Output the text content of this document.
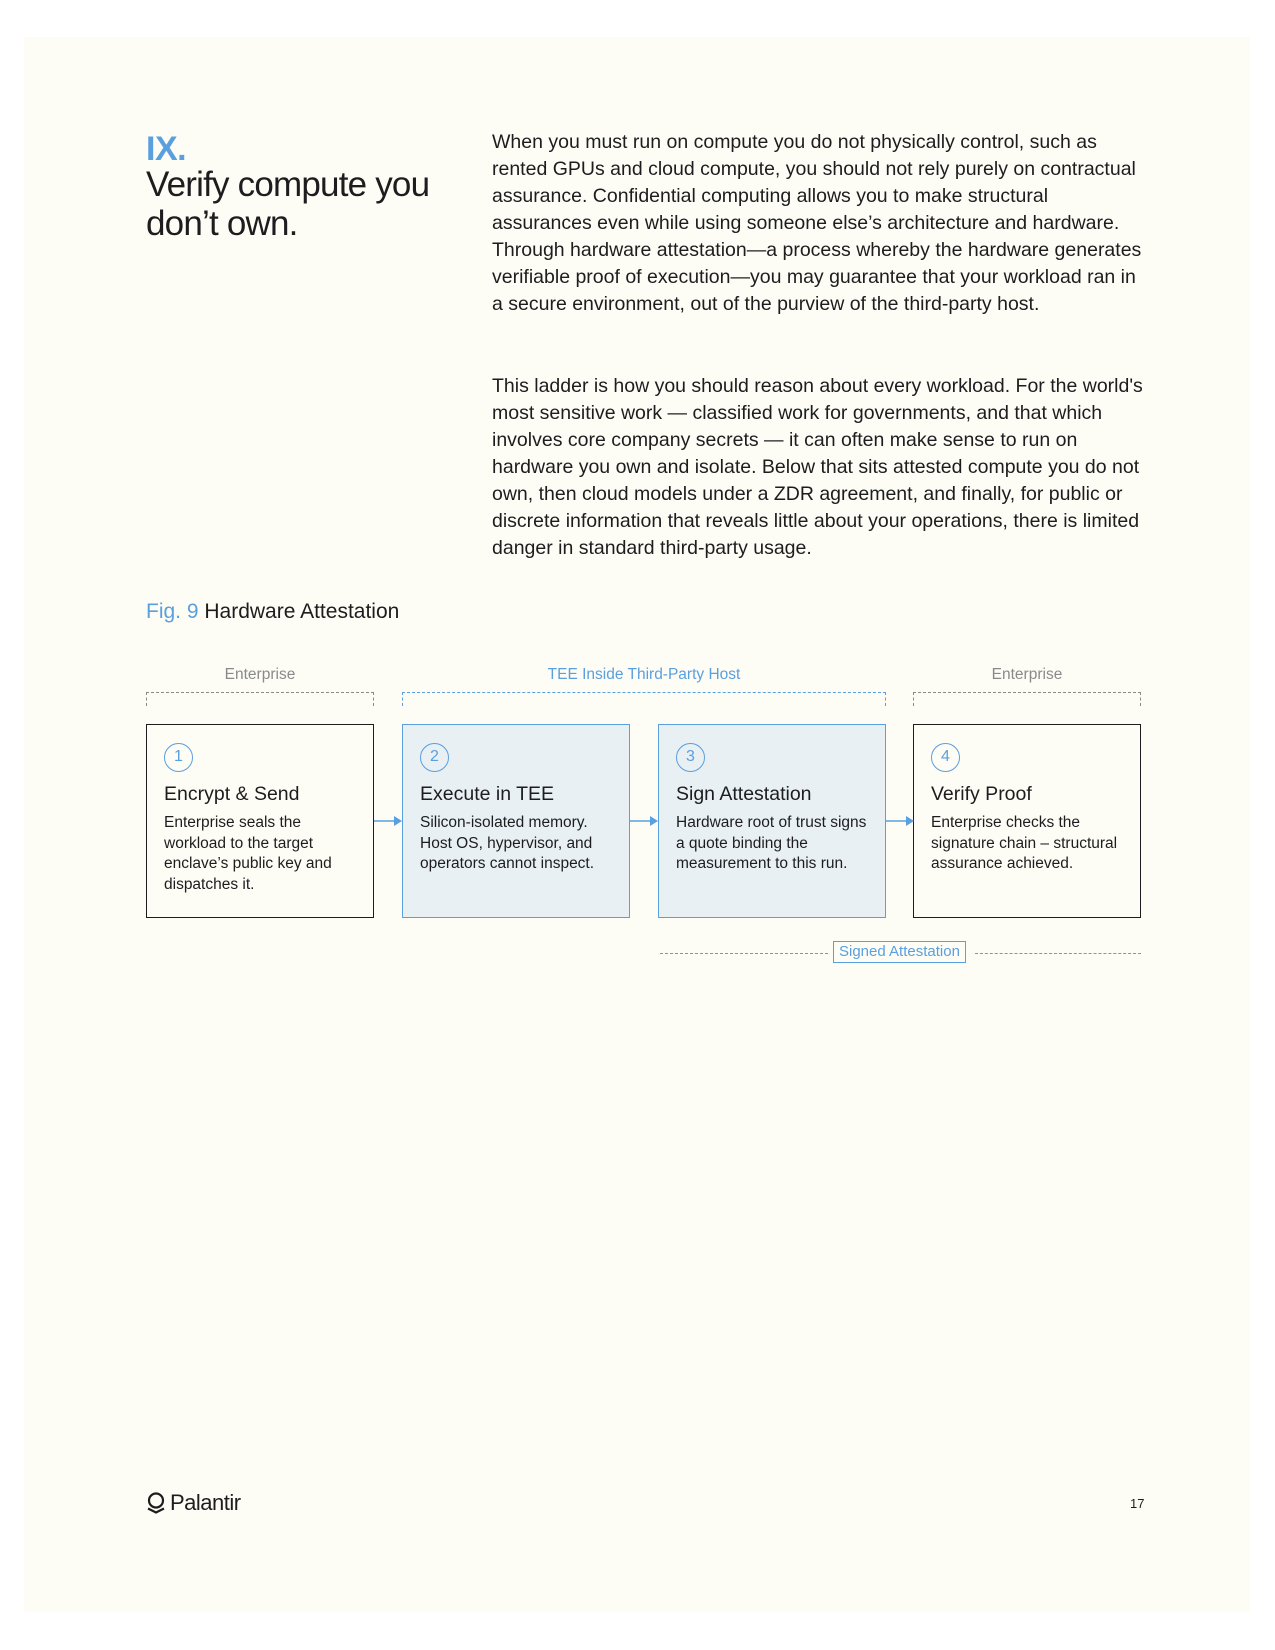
IX.
Verify compute you don’t own.
When you must run on compute you do not physically control, such as rented GPUs and cloud compute, you should not rely purely on contractual assurance. Confidential computing allows you to make structural assurances even while using someone else’s architecture and hardware. Through hardware attestation—a process whereby the hardware generates verifiable proof of execution—you may guarantee that your workload ran in a secure environment, out of the purview of the third-party host.
This ladder is how you should reason about every workload. For the world's most sensitive work — classified work for governments, and that which involves core company secrets — it can often make sense to run on hardware you own and isolate. Below that sits attested compute you do not own, then cloud models under a ZDR agreement, and finally, for public or discrete information that reveals little about your operations, there is limited danger in standard third-party usage.
Fig. 9 Hardware Attestation
Enterprise	TEE Inside Third-Party Host	Enterprise
1
Encrypt & Send
Enterprise seals the workload to the target enclave’s public key and dispatches it.
2
Execute in TEE
Silicon-isolated memory. Host OS, hypervisor, and operators cannot inspect.
3
Sign Attestation
Hardware root of trust signs a quote binding the measurement to this run.
4
Verify Proof
Enterprise checks the signature chain – structural assurance achieved.
Signed Attestation
Palantir	17
